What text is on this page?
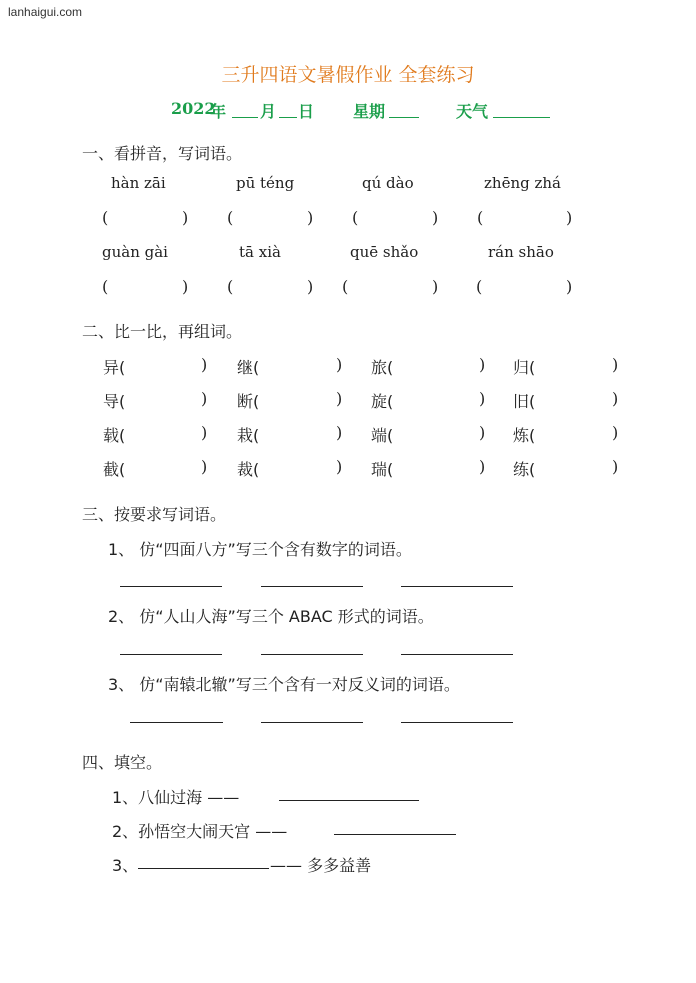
lanhaigui.com
三升四语文暑假作业 全套练习
2022
年 月 日 星期	天气
一、看拼音，写词语。
hàn zāi	pū téng	qú dào	zhēng zhá
(	) (	) (	) (	)
guàn gài	tā xià	quē shǎo	rán shāo
(	) (	) (	) (	)
二、比一比，再组词。
异(	) 继(	) 旅(	) 归(	)
导(	) 断(	) 旋(	) 旧(	)
载(	) 栽(	) 端(	) 炼(	)
截(	) 裁(	) 瑞(	) 练(	)
三、按要求写词语。
1、 仿“四面八方”写三个含有数字的词语。
2、 仿“人山人海”写三个 ABAC 形式的词语。
3、 仿“南辕北辙”写三个含有一对反义词的词语。
四、填空。
1、八仙过海 ——
2、孙悟空大闹天宫 ——
3、	—— 多多益善
